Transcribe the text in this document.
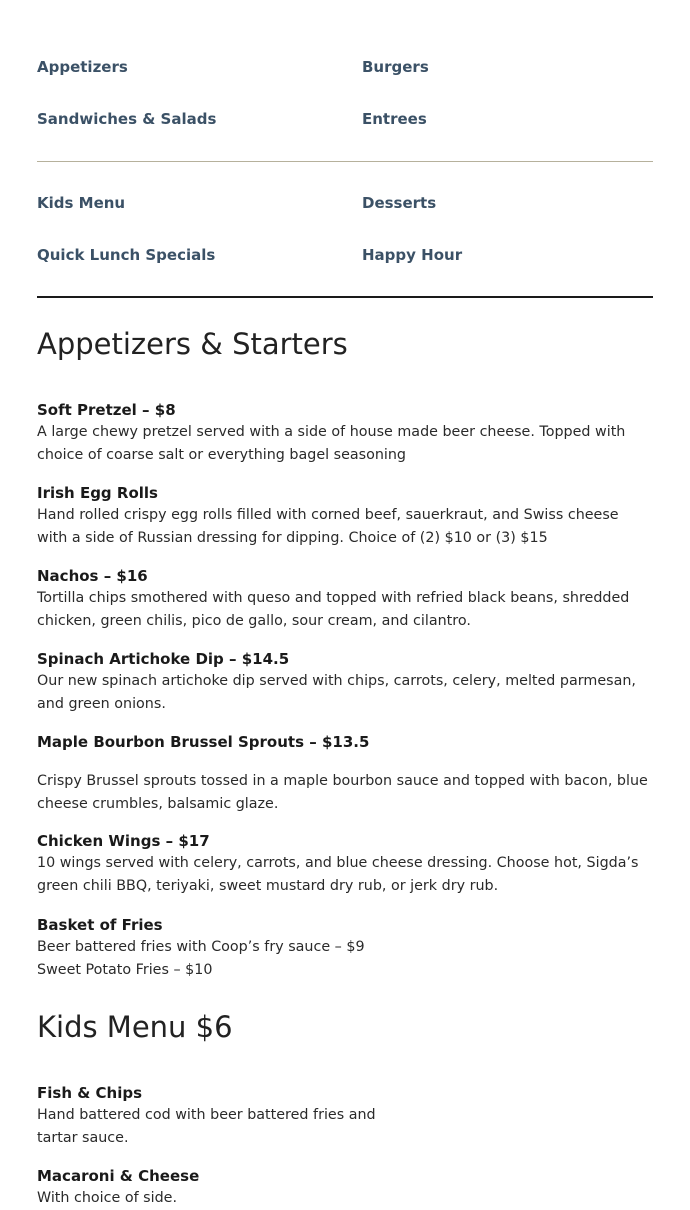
Appetizers	Burgers
Sandwiches & Salads	Entrees
Kids Menu	Desserts
Quick Lunch Specials	Happy Hour
Appetizers & Starters
Soft Pretzel – $8
A large chewy pretzel served with a side of house made beer cheese. Topped with choice of coarse salt or everything bagel seasoning
Irish Egg Rolls
Hand rolled crispy egg rolls filled with corned beef, sauerkraut, and Swiss cheese with a side of Russian dressing for dipping. Choice of (2) $10 or (3) $15
Nachos – $16
Tortilla chips smothered with queso and topped with refried black beans, shredded chicken, green chilis, pico de gallo, sour cream, and cilantro.
Spinach Artichoke Dip – $14.5
Our new spinach artichoke dip served with chips, carrots, celery, melted parmesan, and green onions.
Maple Bourbon Brussel Sprouts – $13.5
Crispy Brussel sprouts tossed in a maple bourbon sauce and topped with bacon, blue cheese crumbles, balsamic glaze.
Chicken Wings – $17
10 wings served with celery, carrots, and blue cheese dressing. Choose hot, Sigda’s green chili BBQ, teriyaki, sweet mustard dry rub, or jerk dry rub.
Basket of Fries
Beer battered fries with Coop’s fry sauce – $9
Sweet Potato Fries – $10
Kids Menu $6
Fish & Chips
Hand battered cod with beer battered fries and tartar sauce.
Macaroni & Cheese
With choice of side.
